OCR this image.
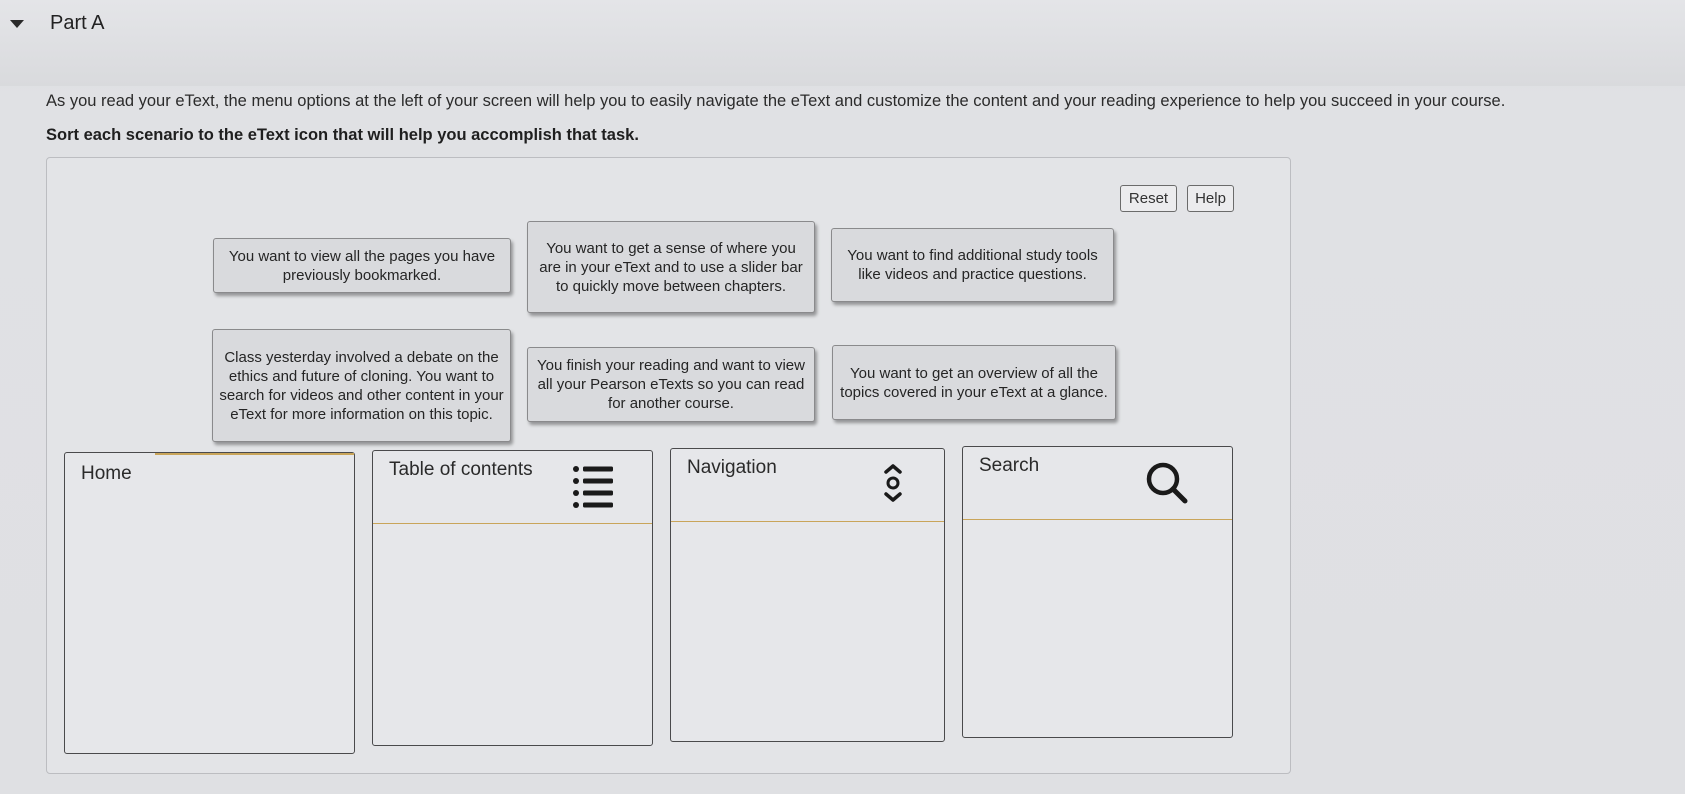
Part A
As you read your eText, the menu options at the left of your screen will help you to easily navigate the eText and customize the content and your reading experience to help you succeed in your course.
Sort each scenario to the eText icon that will help you accomplish that task.
Reset	Help
You want to view all the pages you have previously bookmarked.
You want to get a sense of where you are in your eText and to use a slider bar to quickly move between chapters.
You want to find additional study tools like videos and practice questions.
Class yesterday involved a debate on the ethics and future of cloning. You want to search for videos and other content in your eText for more information on this topic.
You finish your reading and want to view all your Pearson eTexts so you can read for another course.
You want to get an overview of all the topics covered in your eText at a glance.
Home	Table of contents	Navigation	Search
